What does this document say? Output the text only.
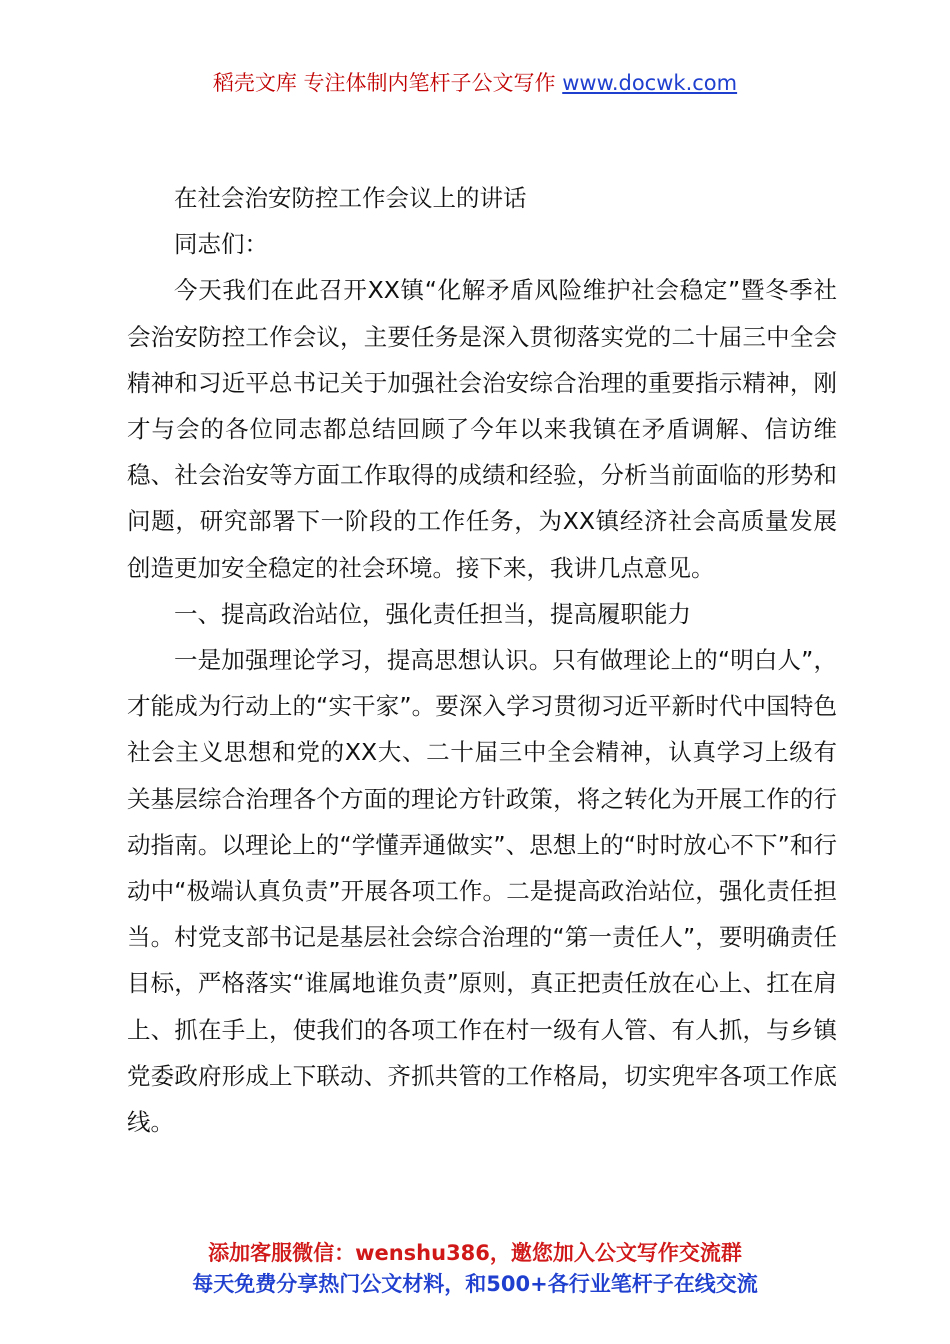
稻壳文库 专注体制内笔杆子公文写作 www.docwk.com

在社会治安防控工作会议上的讲话

同志们：

今天我们在此召开XX镇“化解矛盾风险维护社会稳定”暨冬季社会治安防控工作会议，主要任务是深入贯彻落实党的二十届三中全会精神和习近平总书记关于加强社会治安综合治理的重要指示精神，刚才与会的各位同志都总结回顾了今年以来我镇在矛盾调解、信访维稳、社会治安等方面工作取得的成绩和经验，分析当前面临的形势和问题，研究部署下一阶段的工作任务，为XX镇经济社会高质量发展创造更加安全稳定的社会环境。接下来，我讲几点意见。

一、提高政治站位，强化责任担当，提高履职能力

一是加强理论学习，提高思想认识。只有做理论上的“明白人”，才能成为行动上的“实干家”。要深入学习贯彻习近平新时代中国特色社会主义思想和党的XX大、二十届三中全会精神，认真学习上级有关基层综合治理各个方面的理论方针政策，将之转化为开展工作的行动指南。以理论上的“学懂弄通做实”、思想上的“时时放心不下”和行动中“极端认真负责”开展各项工作。二是提高政治站位，强化责任担当。村党支部书记是基层社会综合治理的“第一责任人”，要明确责任目标，严格落实“谁属地谁负责”原则，真正把责任放在心上、扛在肩上、抓在手上，使我们的各项工作在村一级有人管、有人抓，与乡镇党委政府形成上下联动、齐抓共管的工作格局，切实兜牢各项工作底线。

添加客服微信：wenshu386，邀您加入公文写作交流群
每天免费分享热门公文材料，和500+各行业笔杆子在线交流
